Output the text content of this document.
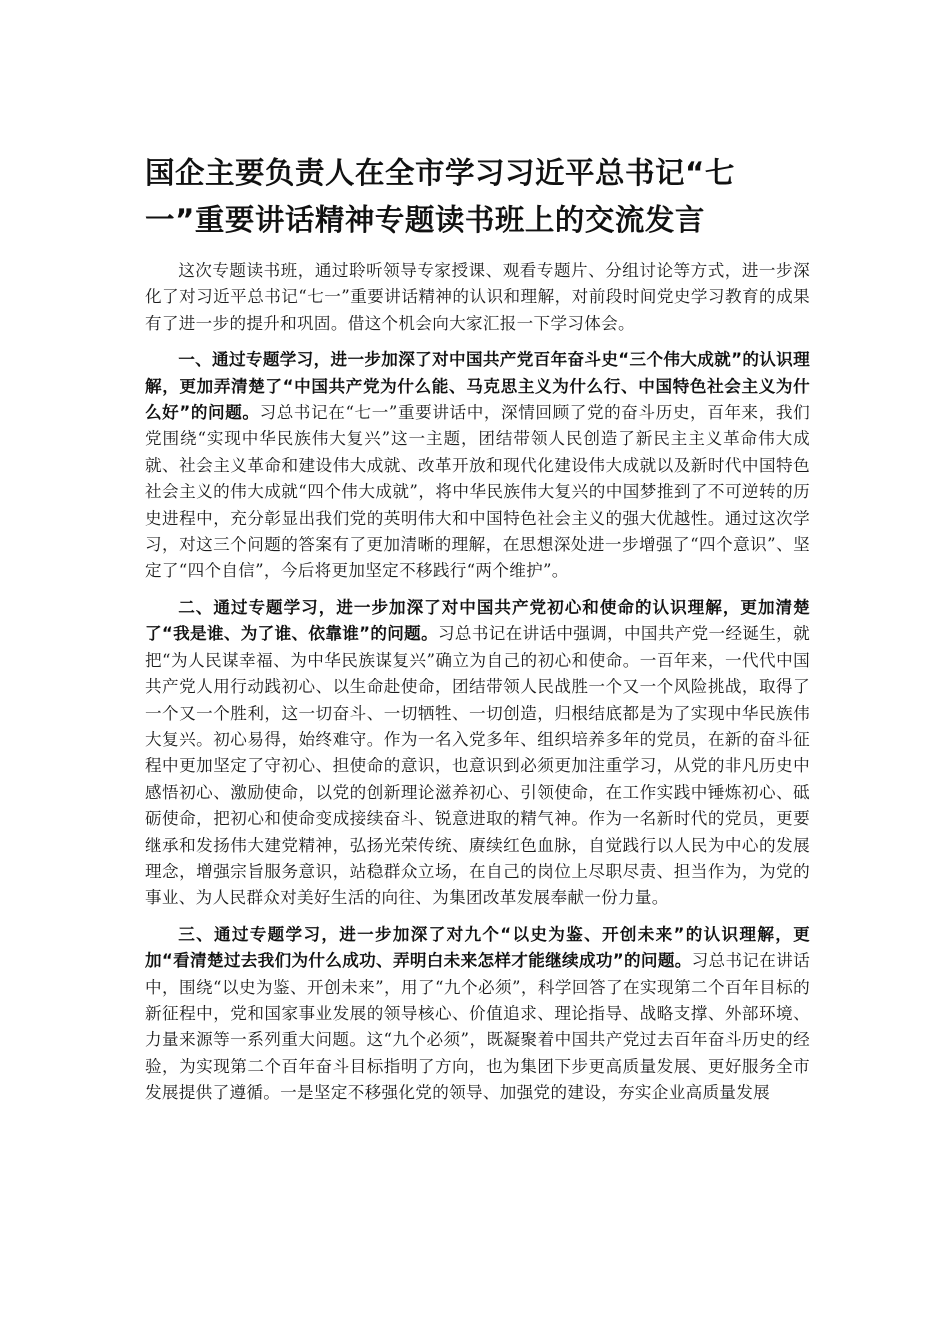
国企主要负责人在全市学习习近平总书记“七一”重要讲话精神专题读书班上的交流发言

这次专题读书班，通过聆听领导专家授课、观看专题片、分组讨论等方式，进一步深化了对习近平总书记“七一”重要讲话精神的认识和理解，对前段时间党史学习教育的成果有了进一步的提升和巩固。借这个机会向大家汇报一下学习体会。

一、通过专题学习，进一步加深了对中国共产党百年奋斗史“三个伟大成就”的认识理解，更加弄清楚了“中国共产党为什么能、马克思主义为什么行、中国特色社会主义为什么好”的问题。习总书记在“七一”重要讲话中，深情回顾了党的奋斗历史，百年来，我们党围绕“实现中华民族伟大复兴”这一主题，团结带领人民创造了新民主主义革命伟大成就、社会主义革命和建设伟大成就、改革开放和现代化建设伟大成就以及新时代中国特色社会主义的伟大成就“四个伟大成就”，将中华民族伟大复兴的中国梦推到了不可逆转的历史进程中，充分彰显出我们党的英明伟大和中国特色社会主义的强大优越性。通过这次学习，对这三个问题的答案有了更加清晰的理解，在思想深处进一步增强了“四个意识”、坚定了“四个自信”，今后将更加坚定不移践行“两个维护”。

二、通过专题学习，进一步加深了对中国共产党初心和使命的认识理解，更加清楚了“我是谁、为了谁、依靠谁”的问题。习总书记在讲话中强调，中国共产党一经诞生，就把“为人民谋幸福、为中华民族谋复兴”确立为自己的初心和使命。一百年来，一代代中国共产党人用行动践初心、以生命赴使命，团结带领人民战胜一个又一个风险挑战，取得了一个又一个胜利，这一切奋斗、一切牺牲、一切创造，归根结底都是为了实现中华民族伟大复兴。初心易得，始终难守。作为一名入党多年、组织培养多年的党员，在新的奋斗征程中更加坚定了守初心、担使命的意识，也意识到必须更加注重学习，从党的非凡历史中感悟初心、激励使命，以党的创新理论滋养初心、引领使命，在工作实践中锤炼初心、砥砺使命，把初心和使命变成接续奋斗、锐意进取的精气神。作为一名新时代的党员，更要继承和发扬伟大建党精神，弘扬光荣传统、赓续红色血脉，自觉践行以人民为中心的发展理念，增强宗旨服务意识，站稳群众立场，在自己的岗位上尽职尽责、担当作为，为党的事业、为人民群众对美好生活的向往、为集团改革发展奉献一份力量。

三、通过专题学习，进一步加深了对九个“以史为鉴、开创未来”的认识理解，更加“看清楚过去我们为什么成功、弄明白未来怎样才能继续成功”的问题。习总书记在讲话中，围绕“以史为鉴、开创未来”，用了“九个必须”，科学回答了在实现第二个百年目标的新征程中，党和国家事业发展的领导核心、价值追求、理论指导、战略支撑、外部环境、力量来源等一系列重大问题。这“九个必须”，既凝聚着中国共产党过去百年奋斗历史的经验，为实现第二个百年奋斗目标指明了方向，也为集团下步更高质量发展、更好服务全市发展提供了遵循。一是坚定不移强化党的领导、加强党的建设，夯实企业高质量发展
